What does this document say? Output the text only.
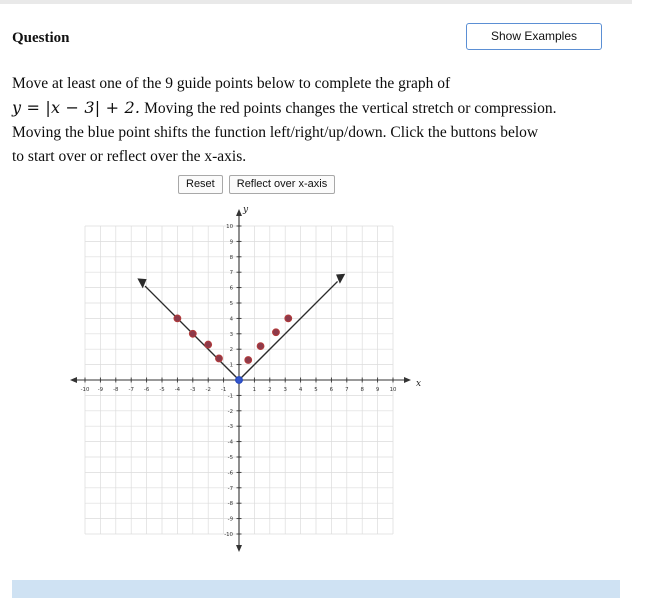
Question	Show Examples
Move at least one of the 9 guide points below to complete the graph of
y = |x − 3| + 2. Moving the red points changes the vertical stretch or compression.
Moving the blue point shifts the function left/right/up/down. Click the buttons below
to start over or reflect over the x-axis.
Reset	Reflect over x-axis
-10 -9 -8 -7 -6 -5 -4 -3 -2 -1	1 2 3 4 5 6 7 8 9 10
10
9
8
7
6
5
4
3
2
1
-1
-2
-3
-4
-5
-6
-7
-8
-9
-10
x
y
